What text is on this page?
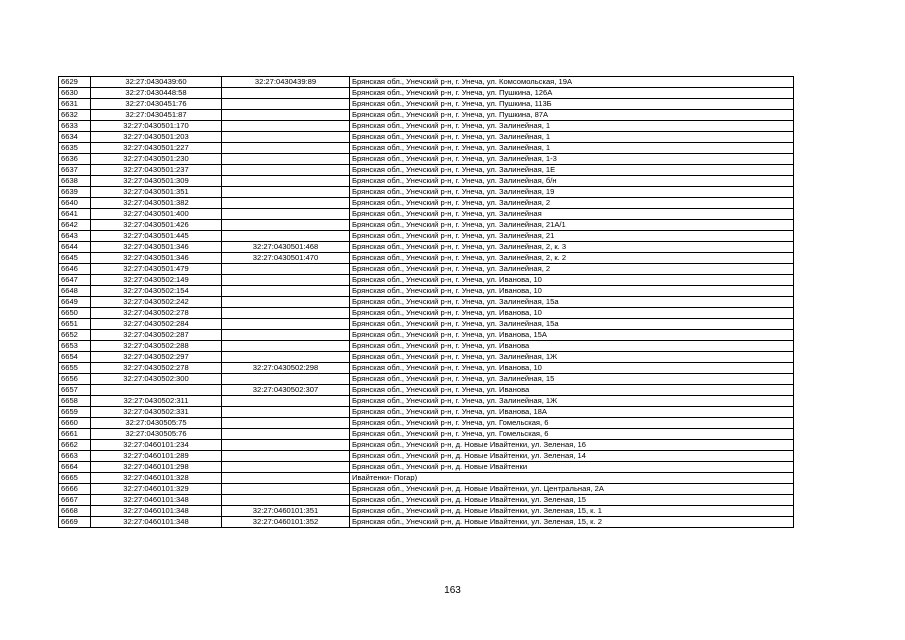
6629	32:27:0430439:60	32:27:0430439:89	Брянская обл., Унечский р-н, г. Унеча, ул. Комсомольская, 19А
6630	32:27:0430448:58		Брянская обл., Унечский р-н, г. Унеча, ул. Пушкина, 126А
6631	32:27:0430451:76		Брянская обл., Унечский р-н, г. Унеча, ул. Пушкина, 113Б
6632	32:27:0430451:87		Брянская обл., Унечский р-н, г. Унеча, ул. Пушкина, 87А
6633	32:27:0430501:170		Брянская обл., Унечский р-н, г. Унеча, ул. Залинейная, 1
6634	32:27:0430501:203		Брянская обл., Унечский р-н, г. Унеча, ул. Залинейная, 1
6635	32:27:0430501:227		Брянская обл., Унечский р-н, г. Унеча, ул. Залинейная, 1
6636	32:27:0430501:230		Брянская обл., Унечский р-н, г. Унеча, ул. Залинейная, 1-3
6637	32:27:0430501:237		Брянская обл., Унечский р-н, г. Унеча, ул. Залинейная, 1Е
6638	32:27:0430501:309		Брянская обл., Унечский р-н, г. Унеча, ул. Залинейная, б/н
6639	32:27:0430501:351		Брянская обл., Унечский р-н, г. Унеча, ул. Залинейная, 19
6640	32:27:0430501:382		Брянская обл., Унечский р-н, г. Унеча, ул. Залинейная, 2
6641	32:27:0430501:400		Брянская обл., Унечский р-н, г. Унеча, ул. Залинейная
6642	32:27:0430501:426		Брянская обл., Унечский р-н, г. Унеча, ул. Залинейная, 21А/1
6643	32:27:0430501:445		Брянская обл., Унечский р-н, г. Унеча, ул. Залинейная, 21
6644	32:27:0430501:346	32:27:0430501:468	Брянская обл., Унечский р-н, г. Унеча, ул. Залинейная, 2, к. 3
6645	32:27:0430501:346	32:27:0430501:470	Брянская обл., Унечский р-н, г. Унеча, ул. Залинейная, 2, к. 2
6646	32:27:0430501:479		Брянская обл., Унечский р-н, г. Унеча, ул. Залинейная, 2
6647	32:27:0430502:149		Брянская обл., Унечский р-н, г. Унеча, ул. Иванова, 10
6648	32:27:0430502:154		Брянская обл., Унечский р-н, г. Унеча, ул. Иванова, 10
6649	32:27:0430502:242		Брянская обл., Унечский р-н, г. Унеча, ул. Залинейная, 15а
6650	32:27:0430502:278		Брянская обл., Унечский р-н, г. Унеча, ул. Иванова, 10
6651	32:27:0430502:284		Брянская обл., Унечский р-н, г. Унеча, ул. Залинейная, 15а
6652	32:27:0430502:287		Брянская обл., Унечский р-н, г. Унеча, ул. Иванова, 15А
6653	32:27:0430502:288		Брянская обл., Унечский р-н, г. Унеча, ул. Иванова
6654	32:27:0430502:297		Брянская обл., Унечский р-н, г. Унеча, ул. Залинейная, 1Ж
6655	32:27:0430502:278	32:27:0430502:298	Брянская обл., Унечский р-н, г. Унеча, ул. Иванова, 10
6656	32:27:0430502:300		Брянская обл., Унечский р-н, г. Унеча, ул. Залинейная, 15
6657		32:27:0430502:307	Брянская обл., Унечский р-н, г. Унеча, ул. Иванова
6658	32:27:0430502:311		Брянская обл., Унечский р-н, г. Унеча, ул. Залинейная, 1Ж
6659	32:27:0430502:331		Брянская обл., Унечский р-н, г. Унеча, ул. Иванова, 18А
6660	32:27:0430505:75		Брянская обл., Унечский р-н, г. Унеча, ул. Гомельская, 6
6661	32:27:0430505:76		Брянская обл., Унечский р-н, г. Унеча, ул. Гомельская, 6
6662	32:27:0460101:234		Брянская обл., Унечский р-н, д. Новые Ивайтенки, ул. Зеленая, 16
6663	32:27:0460101:289		Брянская обл., Унечский р-н, д. Новые Ивайтенки, ул. Зеленая, 14
6664	32:27:0460101:298		Брянская обл., Унечский р-н, д. Новые Ивайтенки
6665	32:27:0460101:328		Ивайтенки- Погар)
6666	32:27:0460101:329		Брянская обл., Унечский р-н, д. Новые Ивайтенки, ул. Центральная, 2А
6667	32:27:0460101:348		Брянская обл., Унечский р-н, д. Новые Ивайтенки, ул. Зеленая, 15
6668	32:27:0460101:348	32:27:0460101:351	Брянская обл., Унечский р-н, д. Новые Ивайтенки, ул. Зеленая, 15, к. 1
6669	32:27:0460101:348	32:27:0460101:352	Брянская обл., Унечский р-н, д. Новые Ивайтенки, ул. Зеленая, 15, к. 2
163
